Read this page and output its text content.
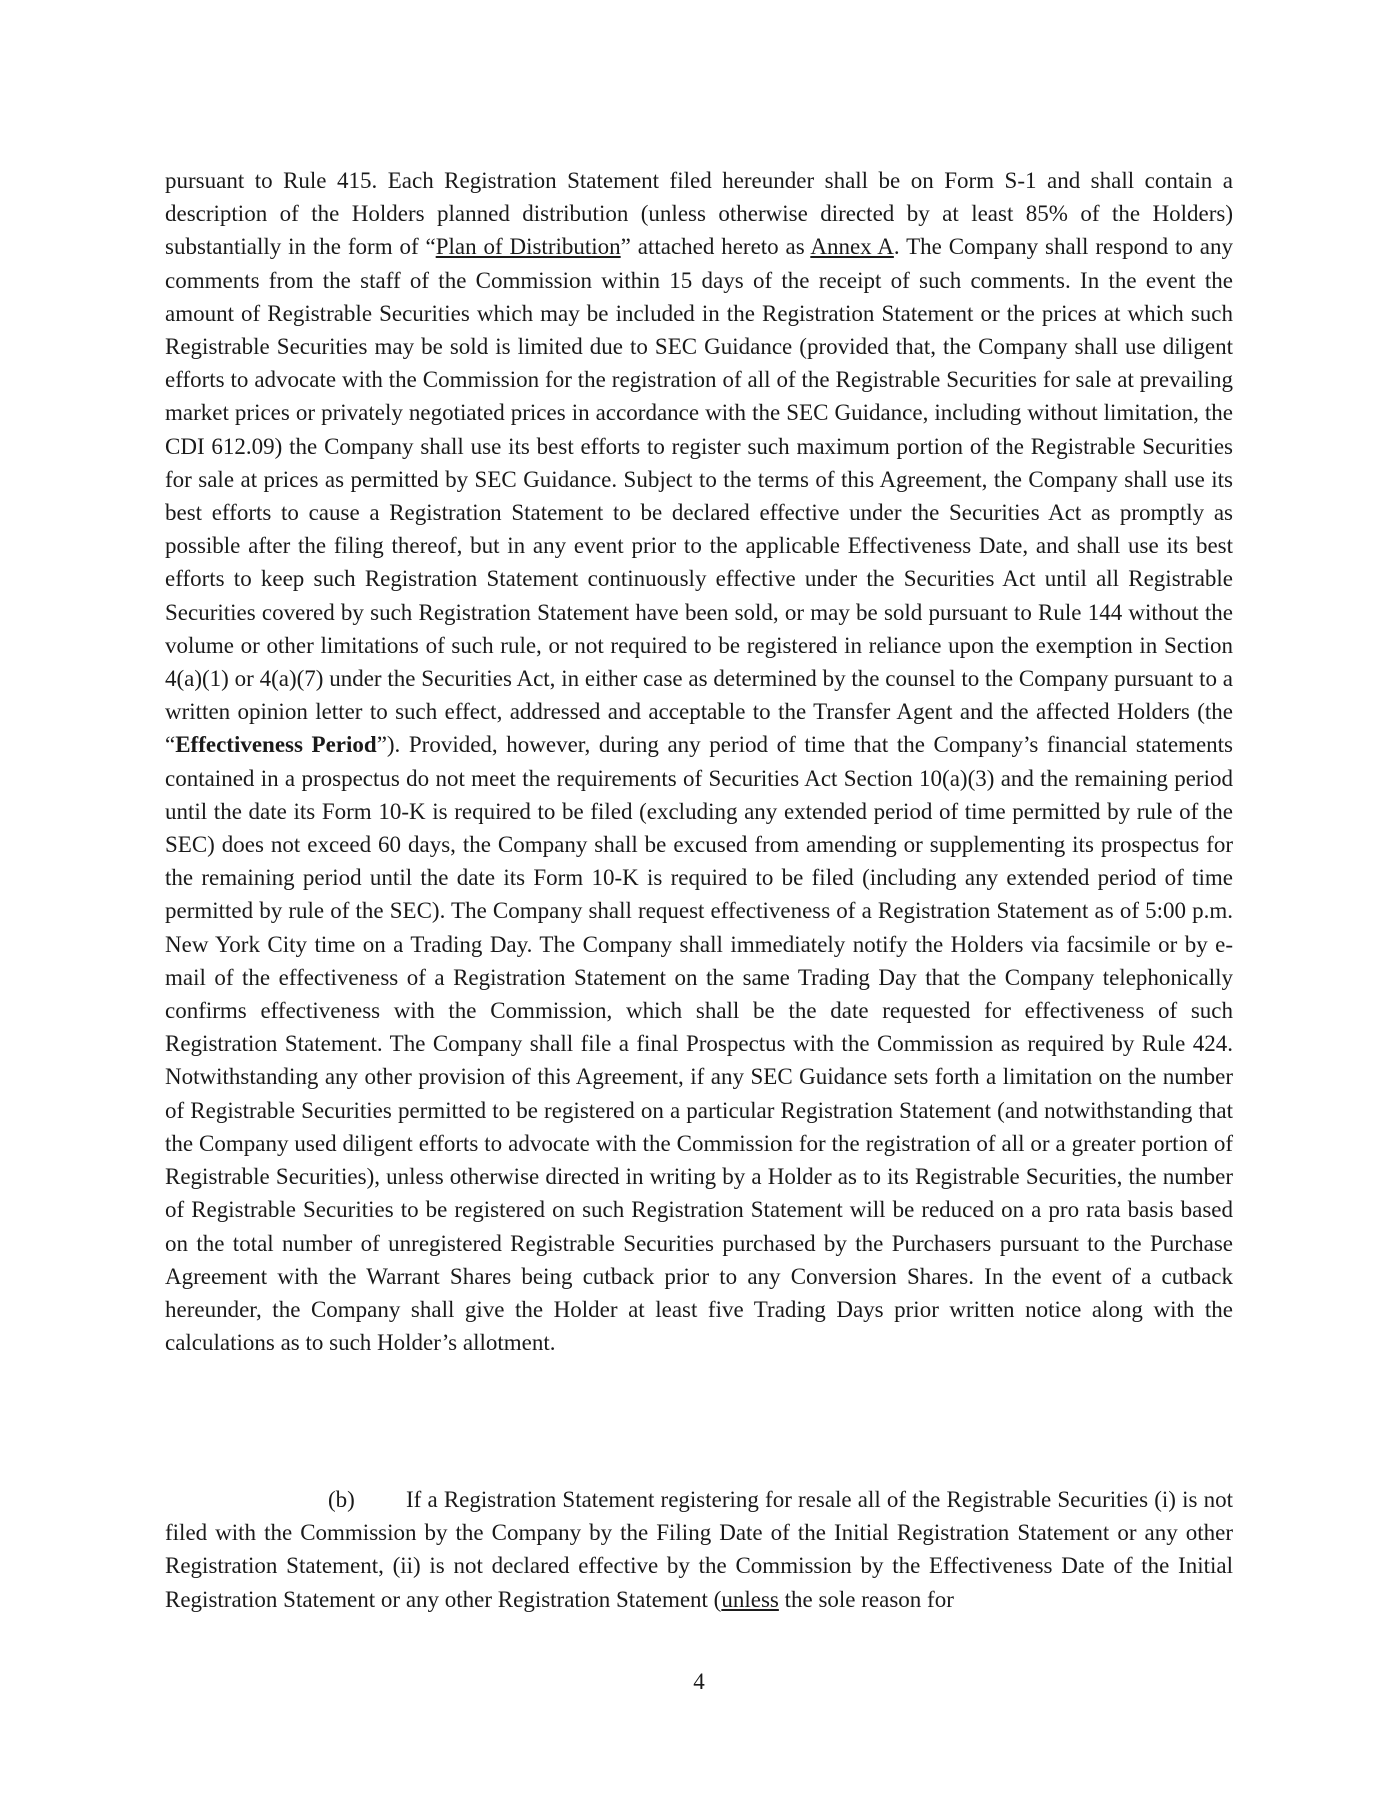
pursuant to Rule 415. Each Registration Statement filed hereunder shall be on Form S-1 and shall contain a description of the Holders planned distribution (unless otherwise directed by at least 85% of the Holders) substantially in the form of “Plan of Distribution” attached hereto as Annex A. The Company shall respond to any comments from the staff of the Commission within 15 days of the receipt of such comments. In the event the amount of Registrable Securities which may be included in the Registration Statement or the prices at which such Registrable Securities may be sold is limited due to SEC Guidance (provided that, the Company shall use diligent efforts to advocate with the Commission for the registration of all of the Registrable Securities for sale at prevailing market prices or privately negotiated prices in accordance with the SEC Guidance, including without limitation, the CDI 612.09) the Company shall use its best efforts to register such maximum portion of the Registrable Securities for sale at prices as permitted by SEC Guidance. Subject to the terms of this Agreement, the Company shall use its best efforts to cause a Registration Statement to be declared effective under the Securities Act as promptly as possible after the filing thereof, but in any event prior to the applicable Effectiveness Date, and shall use its best efforts to keep such Registration Statement continuously effective under the Securities Act until all Registrable Securities covered by such Registration Statement have been sold, or may be sold pursuant to Rule 144 without the volume or other limitations of such rule, or not required to be registered in reliance upon the exemption in Section 4(a)(1) or 4(a)(7) under the Securities Act, in either case as determined by the counsel to the Company pursuant to a written opinion letter to such effect, addressed and acceptable to the Transfer Agent and the affected Holders (the “Effectiveness Period”). Provided, however, during any period of time that the Company’s financial statements contained in a prospectus do not meet the requirements of Securities Act Section 10(a)(3) and the remaining period until the date its Form 10-K is required to be filed (excluding any extended period of time permitted by rule of the SEC) does not exceed 60 days, the Company shall be excused from amending or supplementing its prospectus for the remaining period until the date its Form 10-K is required to be filed (including any extended period of time permitted by rule of the SEC). The Company shall request effectiveness of a Registration Statement as of 5:00 p.m. New York City time on a Trading Day. The Company shall immediately notify the Holders via facsimile or by e-mail of the effectiveness of a Registration Statement on the same Trading Day that the Company telephonically confirms effectiveness with the Commission, which shall be the date requested for effectiveness of such Registration Statement. The Company shall file a final Prospectus with the Commission as required by Rule 424. Notwithstanding any other provision of this Agreement, if any SEC Guidance sets forth a limitation on the number of Registrable Securities permitted to be registered on a particular Registration Statement (and notwithstanding that the Company used diligent efforts to advocate with the Commission for the registration of all or a greater portion of Registrable Securities), unless otherwise directed in writing by a Holder as to its Registrable Securities, the number of Registrable Securities to be registered on such Registration Statement will be reduced on a pro rata basis based on the total number of unregistered Registrable Securities purchased by the Purchasers pursuant to the Purchase Agreement with the Warrant Shares being cutback prior to any Conversion Shares. In the event of a cutback hereunder, the Company shall give the Holder at least five Trading Days prior written notice along with the calculations as to such Holder’s allotment.
(b) If a Registration Statement registering for resale all of the Registrable Securities (i) is not filed with the Commission by the Company by the Filing Date of the Initial Registration Statement or any other Registration Statement, (ii) is not declared effective by the Commission by the Effectiveness Date of the Initial Registration Statement or any other Registration Statement (unless the sole reason for
4
